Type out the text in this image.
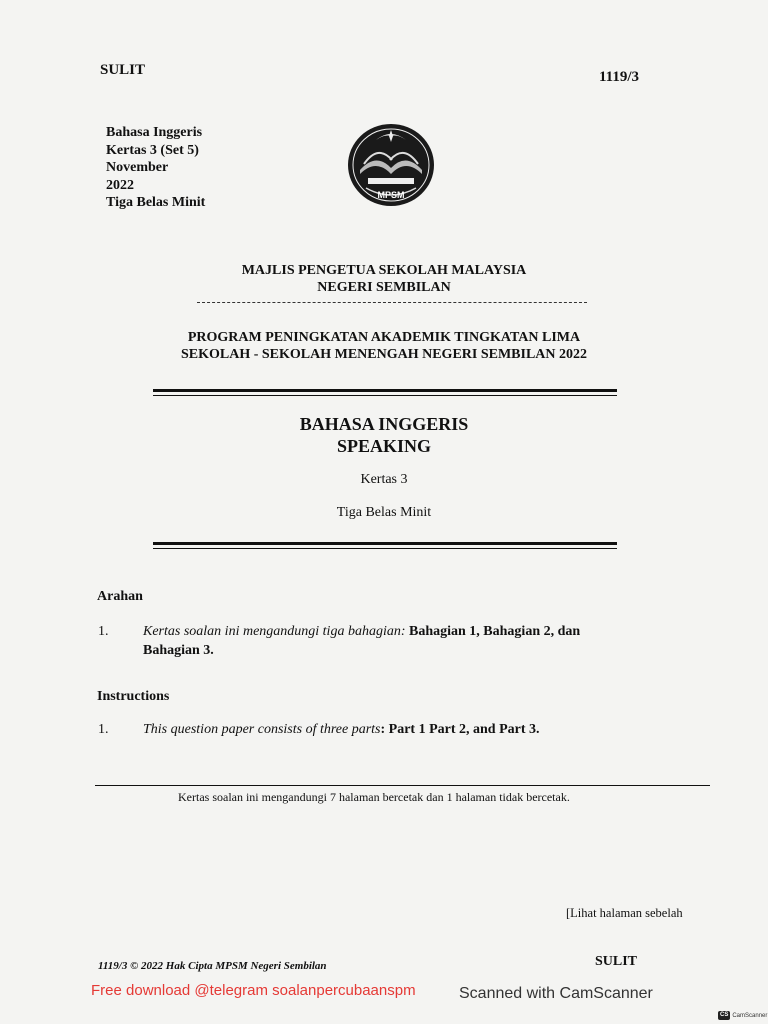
SULIT	1119/3
Bahasa Inggeris
Kertas 3 (Set 5)
November
2022
Tiga Belas Minit	MPSM
MAJLIS PENGETUA SEKOLAH MALAYSIA
NEGERI SEMBILAN
PROGRAM PENINGKATAN AKADEMIK TINGKATAN LIMA
SEKOLAH - SEKOLAH MENENGAH NEGERI SEMBILAN 2022
BAHASA INGGERIS
SPEAKING
Kertas 3
Tiga Belas Minit
Arahan
1. Kertas soalan ini mengandungi tiga bahagian: Bahagian 1, Bahagian 2, dan
Bahagian 3.
Instructions
1. This question paper consists of three parts: Part 1 Part 2, and Part 3.
Kertas soalan ini mengandungi 7 halaman bercetak dan 1 halaman tidak bercetak.
[Lihat halaman sebelah
1119/3 © 2022 Hak Cipta MPSM Negeri Sembilan	SULIT
Free download @telegram soalanpercubaanspm	Scanned with CamScanner
CS CamScanner
